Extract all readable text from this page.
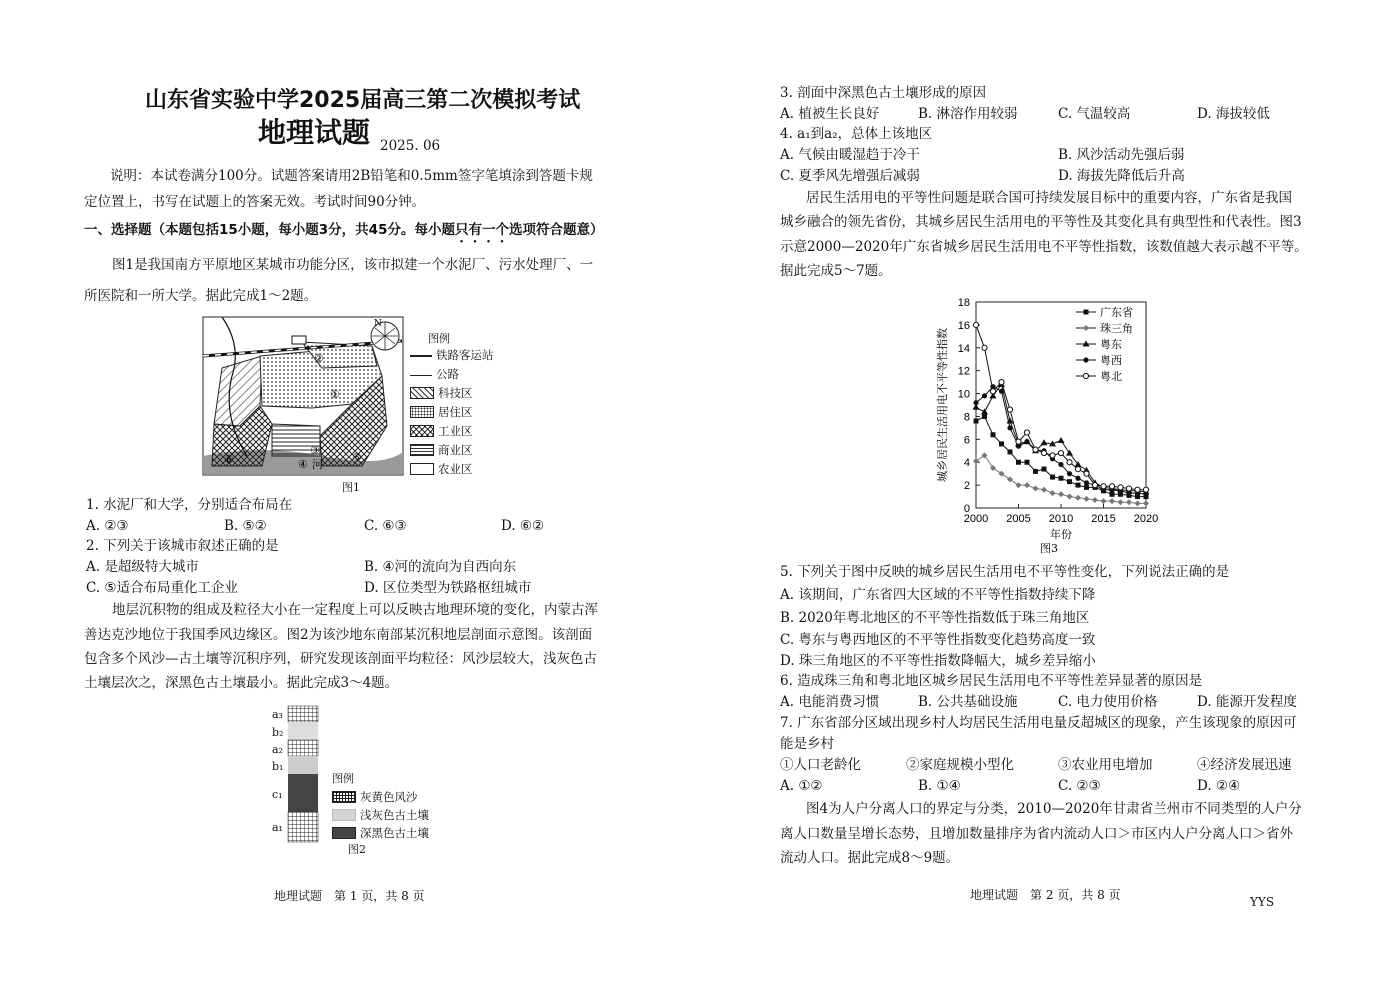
山东省实验中学2025届高三第二次模拟考试
地理试题 2025. 06
说明：本试卷满分100分。试题答案请用2B铅笔和0.5mm签字笔填涂到答题卡规
定位置上，书写在试题上的答案无效。考试时间90分钟。
一、选择题（本题包括15小题，每小题3分，共45分。每小题只有一个选项符合题意）
图1是我国南方平原地区某城市功能分区，该市拟建一个水泥厂、污水处理厂、一
所医院和一所大学。据此完成1～2题。
N
②
①
③
⑤
⑥	④ 河
图例
铁路客运站
公路
科技区
居住区
工业区
商业区
农业区
图1
1. 水泥厂和大学，分别适合布局在
A. ②③	B. ⑤②	C. ⑥③	D. ⑥②
2. 下列关于该城市叙述正确的是
A. 是超级特大城市	B. ④河的流向为自西向东
C. ⑤适合布局重化工企业	D. 区位类型为铁路枢纽城市
地层沉积物的组成及粒径大小在一定程度上可以反映古地理环境的变化，内蒙古浑
善达克沙地位于我国季风边缘区。图2为该沙地东南部某沉积地层剖面示意图。该剖面
包含多个风沙—古土壤等沉积序列，研究发现该剖面平均粒径：风沙层较大，浅灰色古
土壤层次之，深黑色古土壤最小。据此完成3～4题。
a₃
b₂
a₂
b₁
c₁
a₁
图例
灰黄色风沙
浅灰色古土壤
深黑色古土壤
图2
地理试题　第 1 页，共 8 页
3. 剖面中深黑色古土壤形成的原因
A. 植被生长良好	B. 淋溶作用较弱	C. 气温较高	D. 海拔较低
4. a₁到a₂，总体上该地区
A. 气候由暖湿趋于冷干	B. 风沙活动先强后弱
C. 夏季风先增强后减弱	D. 海拔先降低后升高
居民生活用电的平等性问题是联合国可持续发展目标中的重要内容，广东省是我国
城乡融合的领先省份，其城乡居民生活用电的平等性及其变化具有典型性和代表性。图3
示意2000—2020年广东省城乡居民生活用电不平等性指数，该数值越大表示越不平等。
据此完成5～7题。
0
2
4
6
8
10
12
14
16
18
2000 2005 2010 2015 2020
年份
城乡居民生活用电不平等性指数
图3
广东省
珠三角
粤东
粤西
粤北
5. 下列关于图中反映的城乡居民生活用电不平等性变化，下列说法正确的是
A. 该期间，广东省四大区域的不平等性指数持续下降
B. 2020年粤北地区的不平等性指数低于珠三角地区
C. 粤东与粤西地区的不平等性指数变化趋势高度一致
D. 珠三角地区的不平等性指数降幅大，城乡差异缩小
6. 造成珠三角和粤北地区城乡居民生活用电不平等性差异显著的原因是
A. 电能消费习惯	B. 公共基础设施	C. 电力使用价格	D. 能源开发程度
7. 广东省部分区域出现乡村人均居民生活用电量反超城区的现象，产生该现象的原因可
能是乡村
①人口老龄化	②家庭规模小型化	③农业用电增加	④经济发展迅速
A. ①②	B. ①④	C. ②③	D. ②④
图4为人户分离人口的界定与分类，2010—2020年甘肃省兰州市不同类型的人户分
离人口数量呈增长态势，且增加数量排序为省内流动人口＞市区内人户分离人口＞省外
流动人口。据此完成8～9题。
地理试题　第 2 页，共 8 页	YYS
